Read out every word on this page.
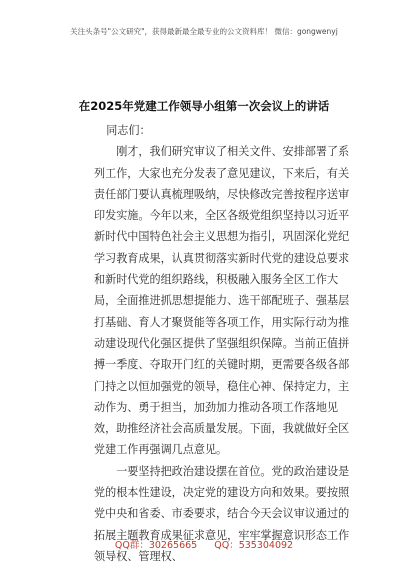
关注头条号"公文研究"，获得最新最全最专业的公文资料库！ 微信：gongwenyj
在2025年党建工作领导小组第一次会议上的讲话

同志们：

刚才，我们研究审议了相关文件、安排部署了系列工作，大家也充分发表了意见建议，下来后，有关责任部门要认真梳理吸纳，尽快修改完善按程序送审印发实施。今年以来，全区各级党组织坚持以习近平新时代中国特色社会主义思想为指引，巩固深化党纪学习教育成果，认真贯彻落实新时代党的建设总要求和新时代党的组织路线，积极融入服务全区工作大局，全面推进抓思想提能力、选干部配班子、强基层打基础、育人才聚贤能等各项工作，用实际行动为推动建设现代化强区提供了坚强组织保障。当前正值拼搏一季度、夺取开门红的关键时期，更需要各级各部门持之以恒加强党的领导，稳住心神、保持定力，主动作为、勇于担当，加劲加力推动各项工作落地见效，助推经济社会高质量发展。下面，我就做好全区党建工作再强调几点意见。

一要坚持把政治建设摆在首位。党的政治建设是党的根本性建设，决定党的建设方向和效果。要按照党中央和省委、市委要求，结合今天会议审议通过的拓展主题教育成果征求意见，牢牢掌握意识形态工作领导权、管理权、

QQ群：30265665 QQ：535304092
